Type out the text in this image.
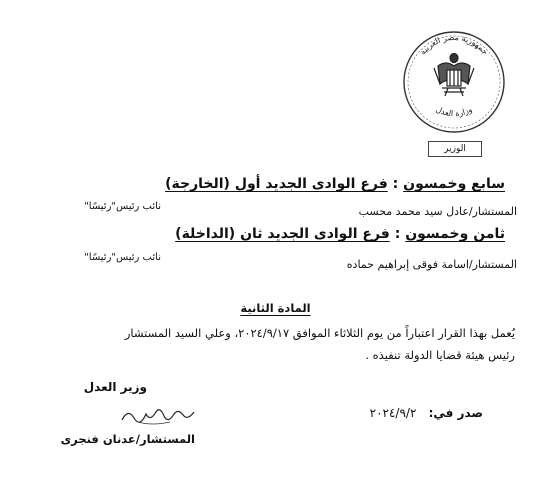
جمهورية مصر العربية
وزارة العدل
الوزير
سابع وخمسون : فرع الوادى الجديد أول (الخارجة)
المستشار/عادل سيد محمد محسب
نائب رئيس"رئيسًا"
ثامن وخمسون : فرع الوادى الجديد ثان (الداخلة)
المستشار/اسامة فوقى إبراهيم حماده
نائب رئيس"رئيسًا"
المادة الثانية
يُعمل بهذا القرار اعتباراً من يوم الثلاثاء الموافق ٢٠٢٤/٩/١٧، وعلي السيد المستشار
رئيس هيئة قضايا الدولة تنفيذه .
صدر في: ٢٠٢٤/٩/٢
وزير العدل
المستشار/عدنان فنجرى
